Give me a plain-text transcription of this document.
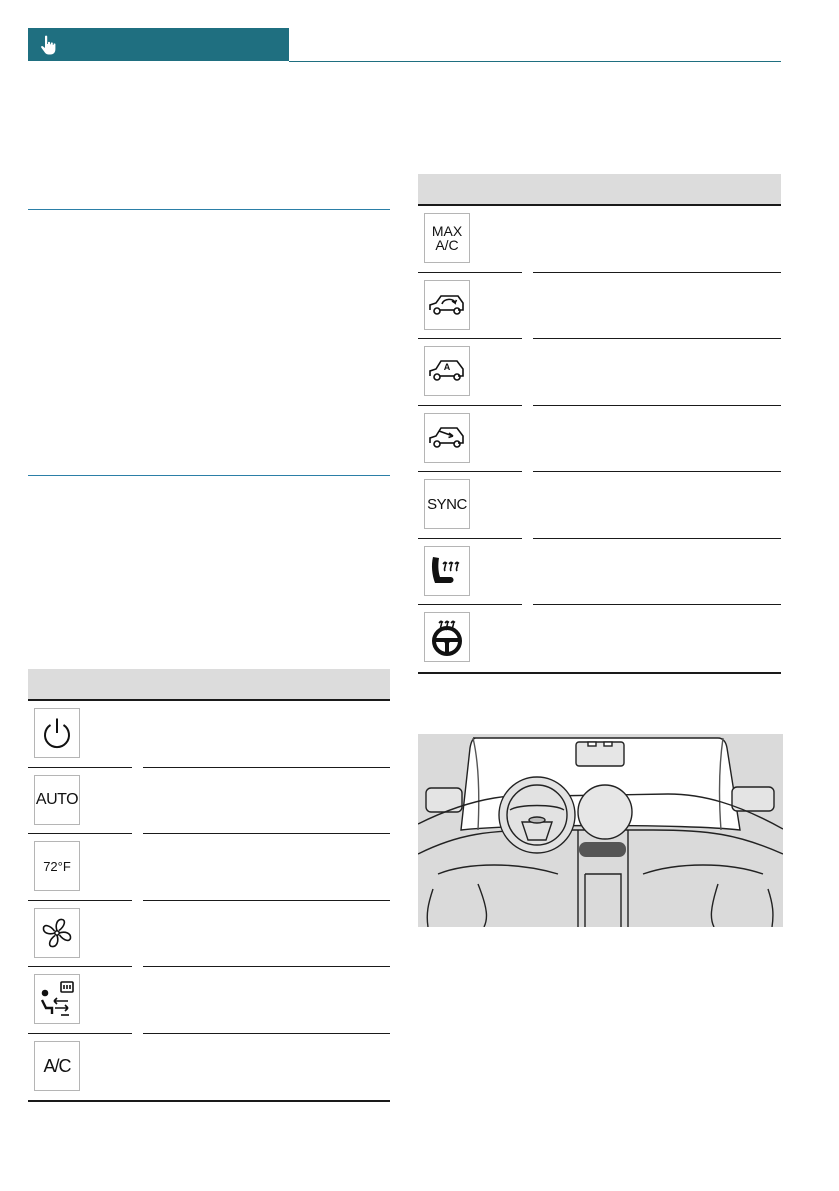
AUTO
72°F
A/C
MAX
A/C
A
SYNC
